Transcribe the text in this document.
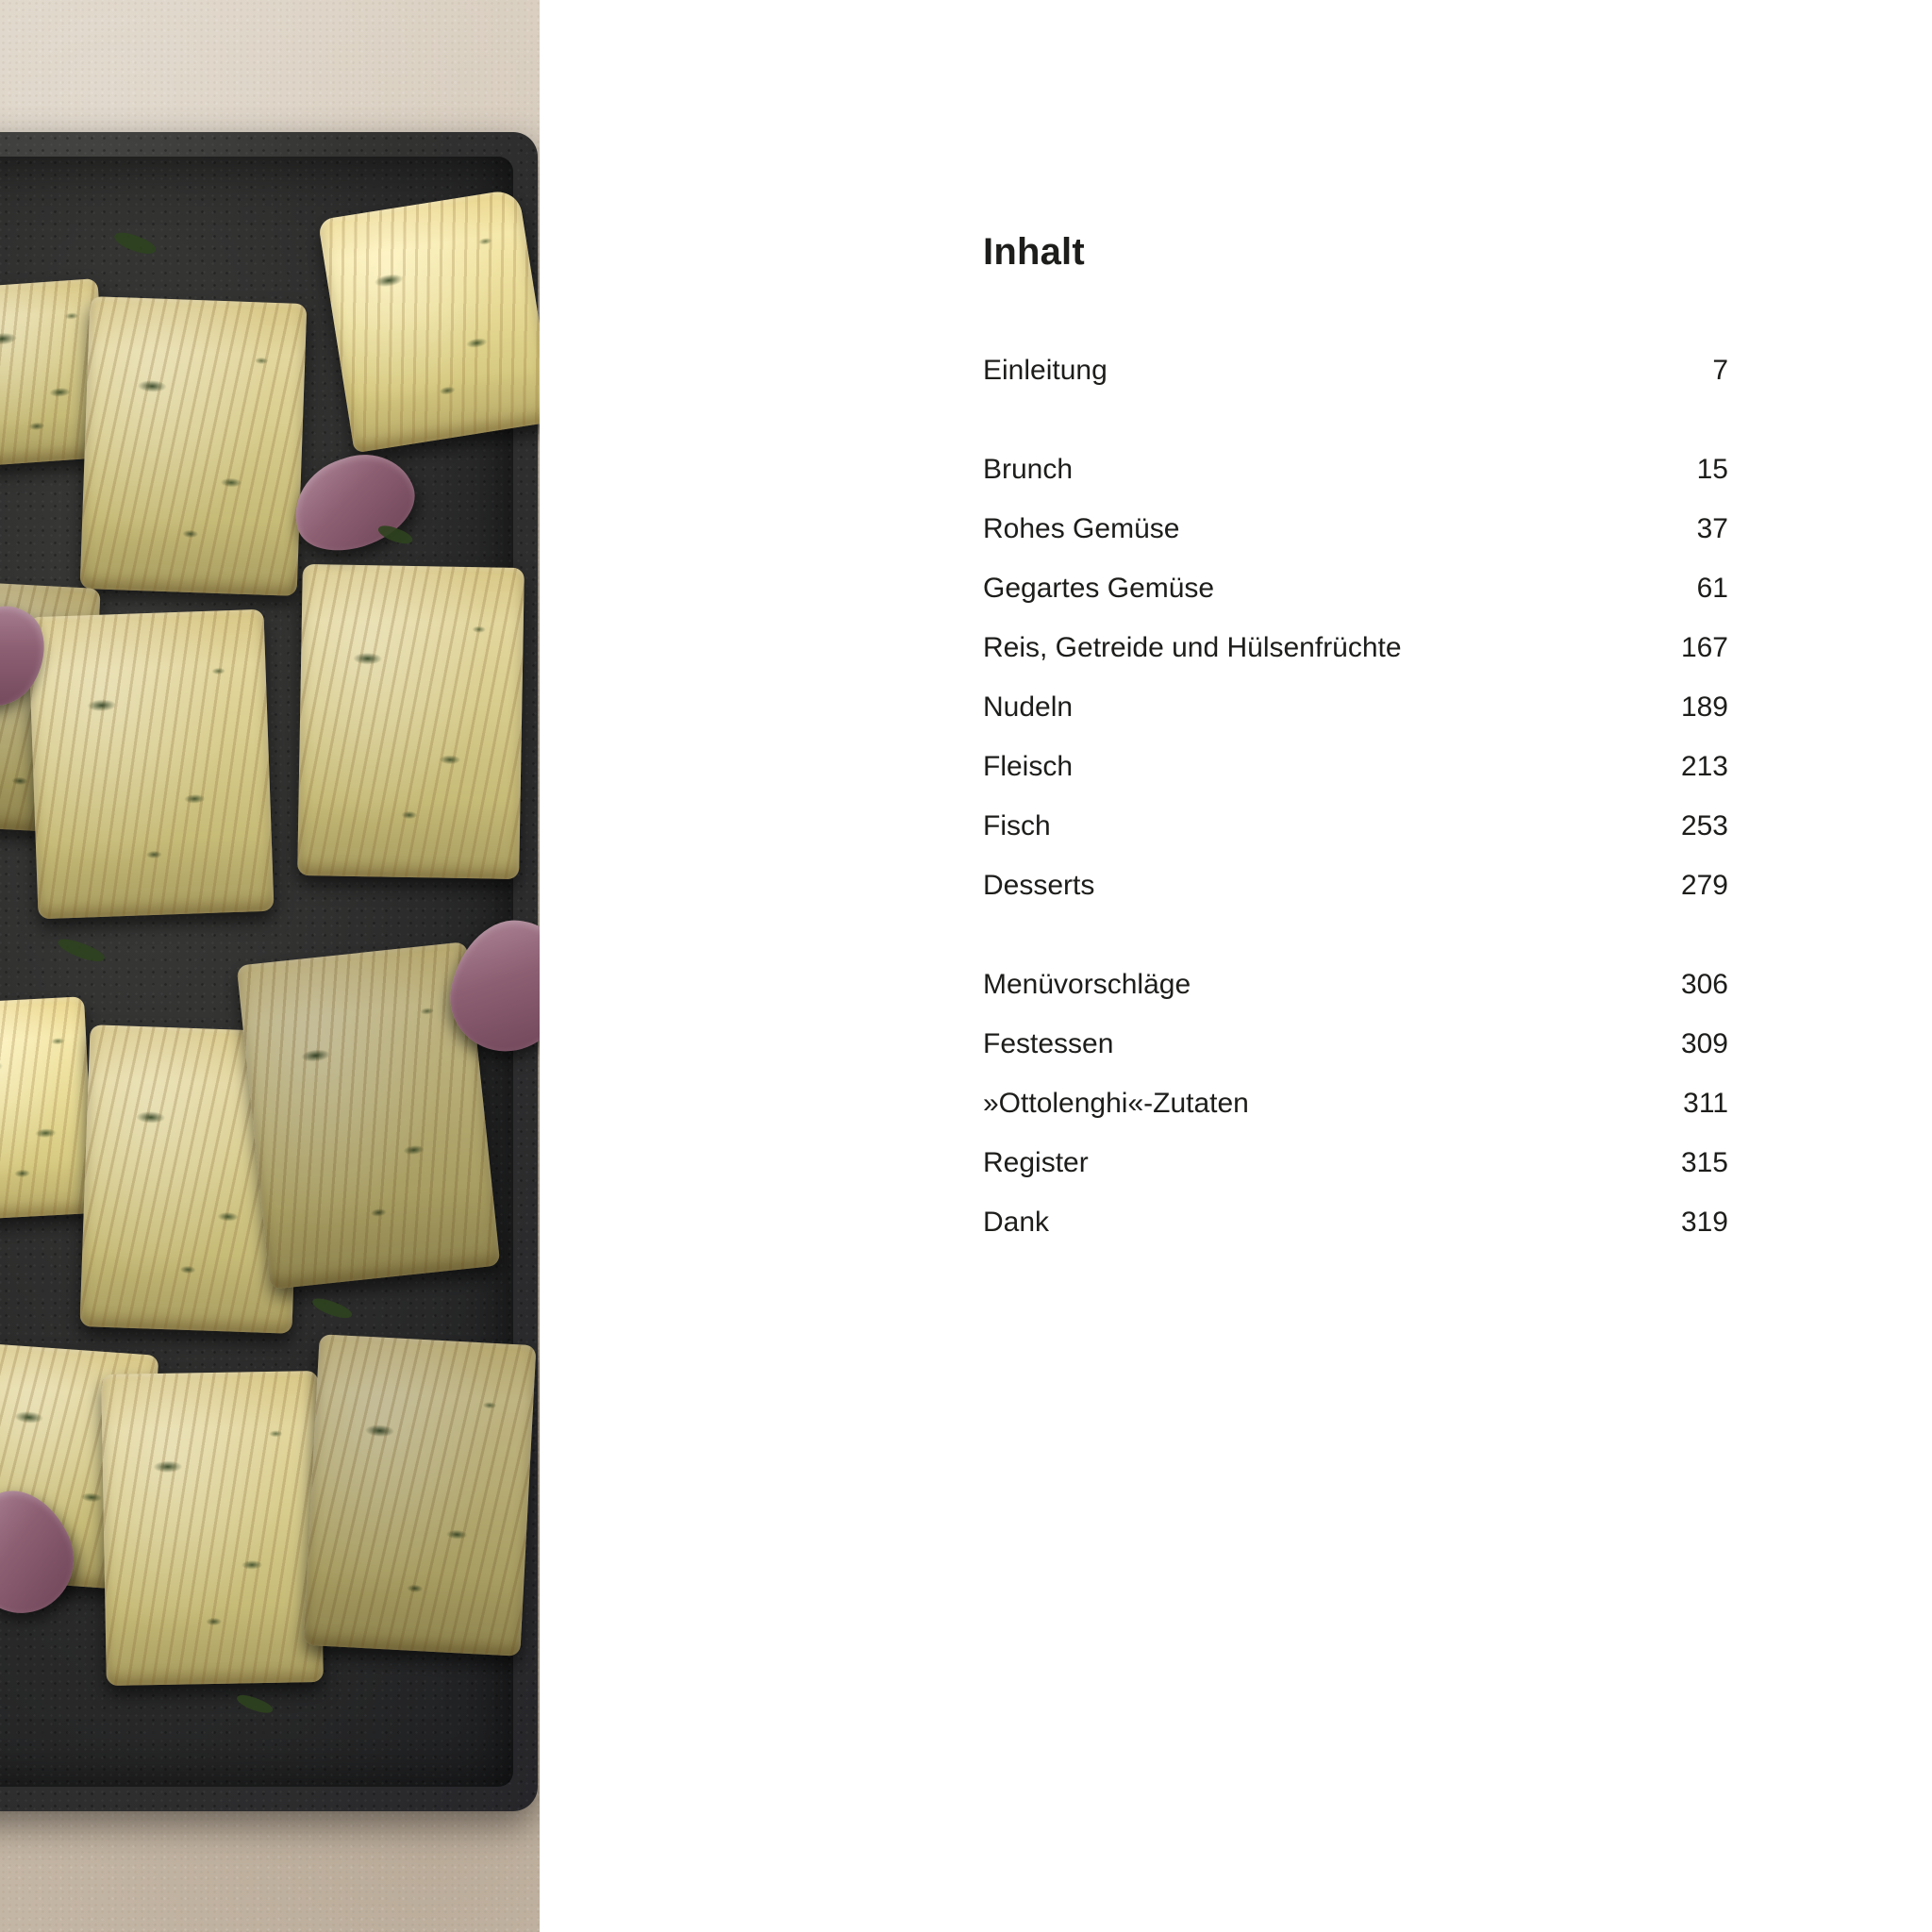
Inhalt
Einleitung	7
Brunch	15
Rohes Gemüse	37
Gegartes Gemüse	61
Reis, Getreide und Hülsenfrüchte	167
Nudeln	189
Fleisch	213
Fisch	253
Desserts	279
Menüvorschläge	306
Festessen	309
»Ottolenghi«-Zutaten	311
Register	315
Dank	319
